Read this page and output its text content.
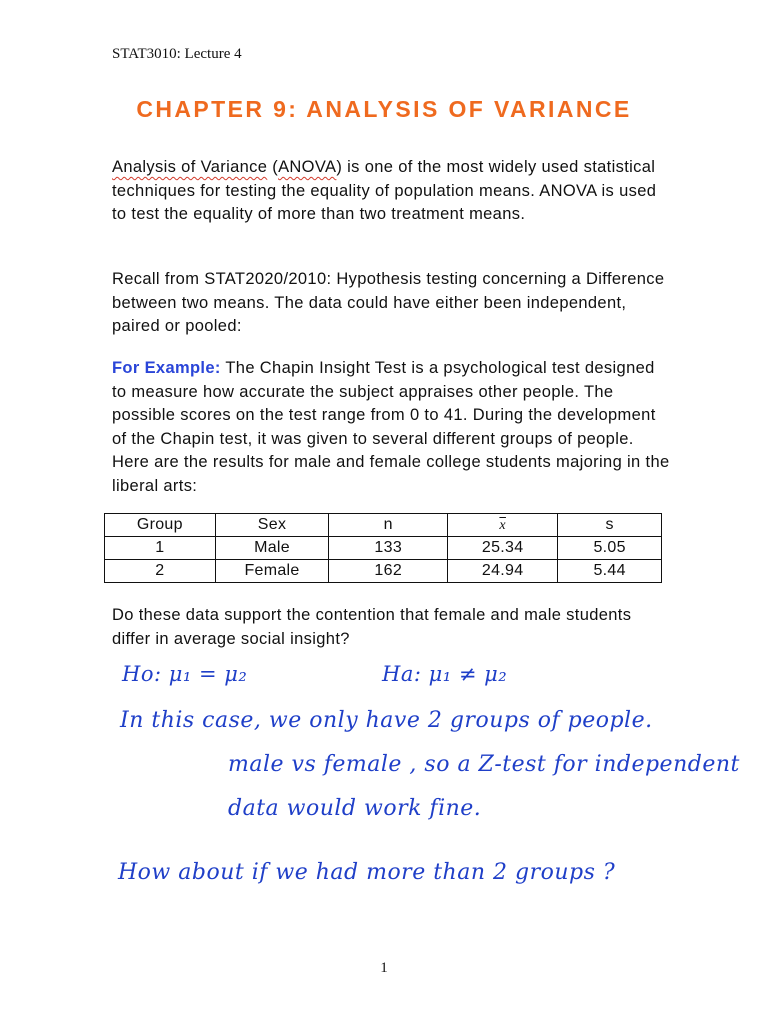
STAT3010: Lecture 4
CHAPTER 9: ANALYSIS OF VARIANCE

Analysis of Variance (ANOVA) is one of the most widely used statistical techniques for testing the equality of population means. ANOVA is used to test the equality of more than two treatment means.

Recall from STAT2020/2010: Hypothesis testing concerning a Difference between two means. The data could have either been independent, paired or pooled:

For Example: The Chapin Insight Test is a psychological test designed to measure how accurate the subject appraises other people. The possible scores on the test range from 0 to 41. During the development of the Chapin test, it was given to several different groups of people. Here are the results for male and female college students majoring in the liberal arts:

Group	Sex	n	$\overline{x}$	s
1	Male	133	25.34	5.05
2	Female	162	24.94	5.44

Do these data support the contention that female and male students differ in average social insight?

Ho: μ₁ = μ₂	Ha: μ₁ ≠ μ₂
In this case, we only have 2 groups of people.
male vs female , so a Z-test for independent
data would work fine.
How about if we had more than 2 groups ?
1
